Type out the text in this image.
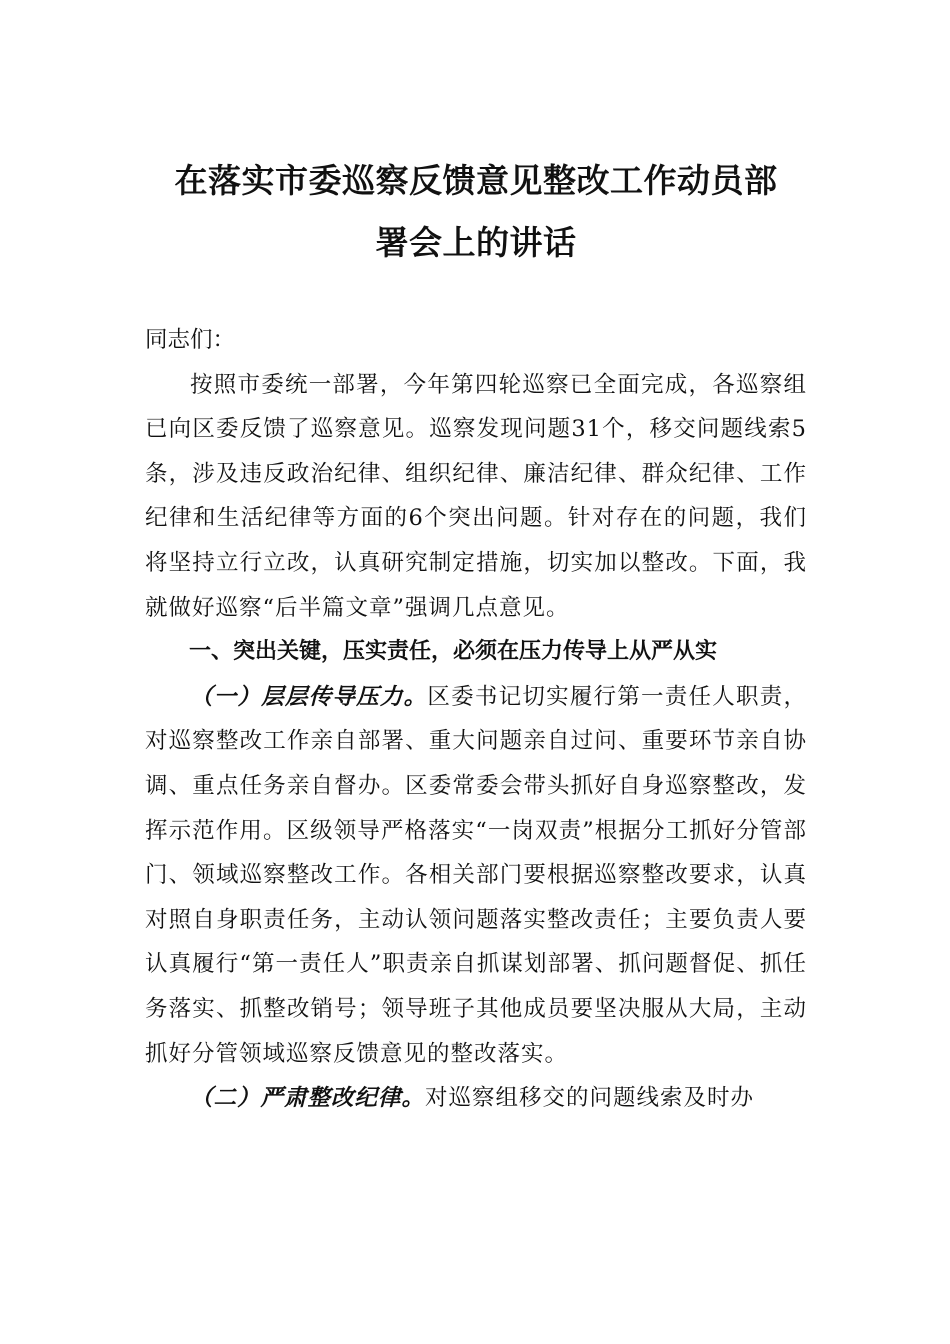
在落实市委巡察反馈意见整改工作动员部
署会上的讲话

同志们：

按照市委统一部署，今年第四轮巡察已全面完成，各巡察组已向区委反馈了巡察意见。巡察发现问题31个，移交问题线索5条，涉及违反政治纪律、组织纪律、廉洁纪律、群众纪律、工作纪律和生活纪律等方面的6个突出问题。针对存在的问题，我们将坚持立行立改，认真研究制定措施，切实加以整改。下面，我就做好巡察“后半篇文章”强调几点意见。

一、突出关键，压实责任，必须在压力传导上从严从实

（一）层层传导压力。区委书记切实履行第一责任人职责，对巡察整改工作亲自部署、重大问题亲自过问、重要环节亲自协调、重点任务亲自督办。区委常委会带头抓好自身巡察整改，发挥示范作用。区级领导严格落实“一岗双责”根据分工抓好分管部门、领域巡察整改工作。各相关部门要根据巡察整改要求，认真对照自身职责任务，主动认领问题落实整改责任；主要负责人要认真履行“第一责任人”职责亲自抓谋划部署、抓问题督促、抓任务落实、抓整改销号；领导班子其他成员要坚决服从大局，主动抓好分管领域巡察反馈意见的整改落实。

（二）严肃整改纪律。对巡察组移交的问题线索及时办
